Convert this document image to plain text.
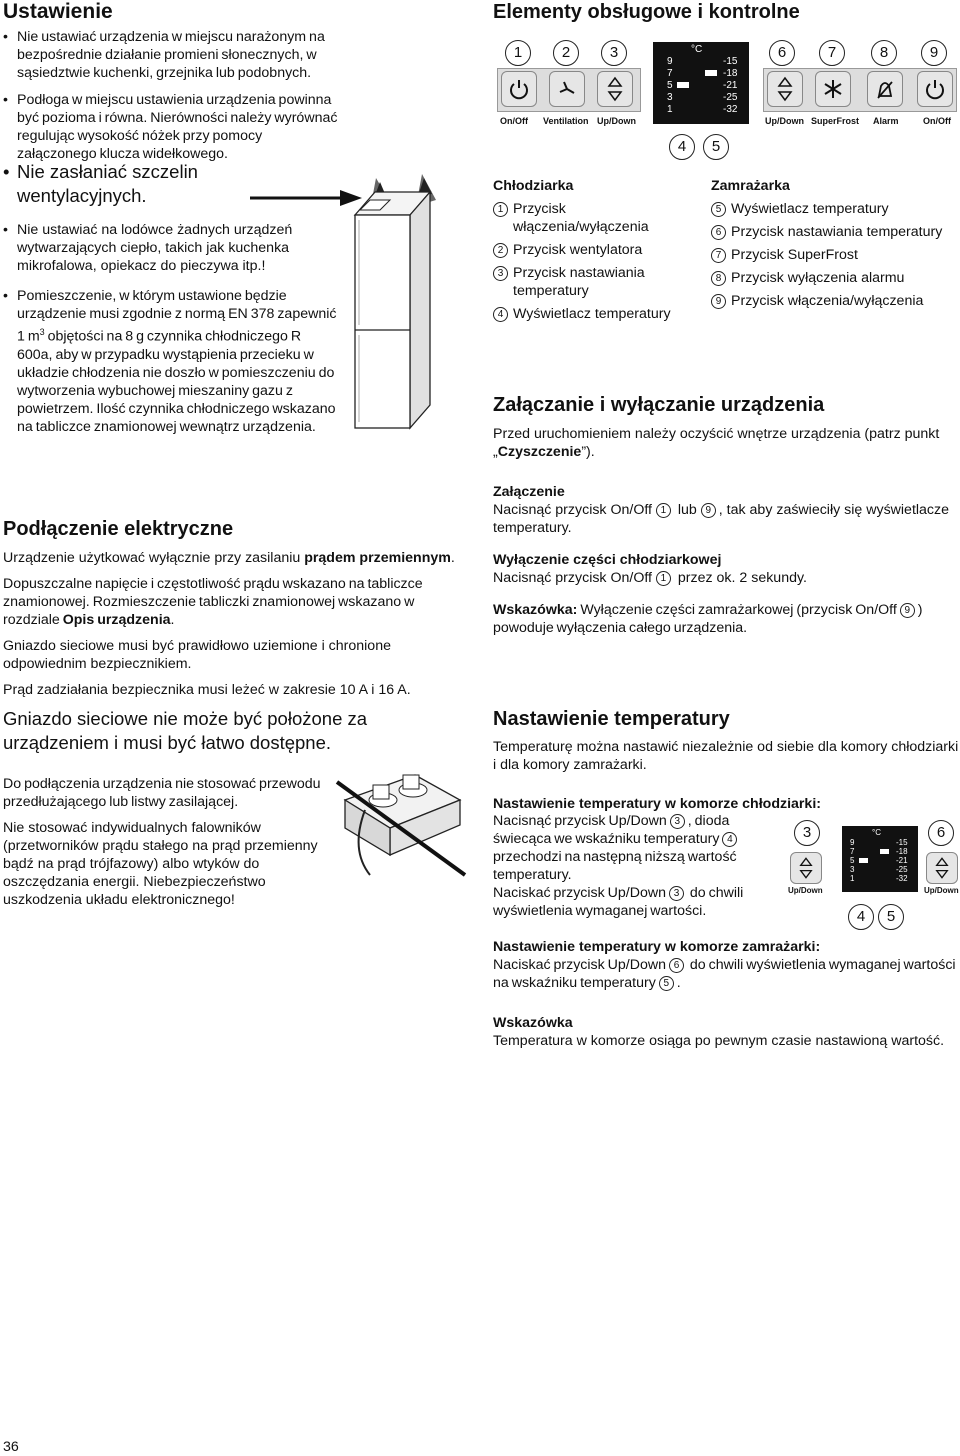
Ustawienie
• Nie ustawiać urządzenia w miejscu narażonym na bezpośrednie działanie promieni słonecznych, w sąsiedztwie kuchenki, grzejnika lub podobnych.
• Podłoga w miejscu ustawienia urządzenia powinna być pozioma i równa. Nierówności należy wyrównać regulując wysokość nóżek przy pomocy załączonego klucza widełkowego.
• Nie zasłaniać szczelin wentylacyjnych.
• Nie ustawiać na lodówce żadnych urządzeń wytwarzających ciepło, takich jak kuchenka mikrofalowa, opiekacz do pieczywa itp.!
• Pomieszczenie, w którym ustawione będzie urządzenie musi zgodnie z normą EN 378 zapewnić 1 $m^3$ objętości na 8 g czynnika chłodniczego R 600a, aby w przypadku wystąpienia przecieku w układzie chłodzenia nie doszło w pomieszczeniu do wytworzenia wybuchowej mieszaniny gazu z powietrzem. Ilość czynnika chłodniczego wskazano na tabliczce znamionowej wewnątrz urządzenia.
Podłączenie elektryczne

Urządzenie użytkować wyłącznie przy zasilaniu prądem przemiennym.

Dopuszczalne napięcie i częstotliwość prądu wskazano na tabliczce znamionowej. Rozmieszczenie tabliczki znamionowej wskazano w rozdziale Opis urządzenia.

Gniazdo sieciowe musi być prawidłowo uziemione i chronione odpowiednim bezpiecznikiem.

Prąd zadziałania bezpiecznika musi leżeć w zakresie 10 A i 16 A.

Gniazdo sieciowe nie może być położone za urządzeniem i musi być łatwo dostępne.

Do podłączenia urządzenia nie stosować przewodu przedłużającego lub listwy zasilającej.

Nie stosować indywidualnych falowników (przetworników prądu stałego na prąd przemienny bądź na prąd trójfazowy) albo wtyków do oszczędzania energii. Niebezpieczeństwo uszkodzenia układu elektronicznego!

36
Elementy obsługowe i kontrolne
1	2	3	6	7	8	9
°C
9
7
5
3
1
-15
-18
-21
-25
-32
On/Off Ventilation Up/Down	Up/Down SuperFrost Alarm	On/Off
4	5
Chłodziarka
1 Przycisk włączenia/wyłączenia
2 Przycisk wentylatora
3 Przycisk nastawiania temperatury
4 Wyświetlacz temperatury
Zamrażarka
5 Wyświetlacz temperatury
6 Przycisk nastawiania temperatury
7 Przycisk SuperFrost
8 Przycisk wyłączenia alarmu
9 Przycisk włączenia/wyłączenia
Załączanie i wyłączanie urządzenia

Przed uruchomieniem należy oczyścić wnętrze urządzenia (patrz punkt „Czyszczenie”).

Załączenie

Nacisnąć przycisk On/Off 1 lub 9 , tak aby zaświeciły się wyświetlacze temperatury.

Wyłączenie części chłodziarkowej

Nacisnąć przycisk On/Off 1 przez ok. 2 sekundy.

Wskazówka: Wyłączenie części zamrażarkowej (przycisk On/Off 9 ) powoduje wyłączenia całego urządzenia.

Nastawienie temperatury

Temperaturę można nastawić niezależnie od siebie dla komory chłodziarki i dla komory zamrażarki.

Nastawienie temperatury w komorze chłodziarki:

Nacisnąć przycisk Up/Down 3 , dioda świecąca we wskaźniku temperatury 4 przechodzi na następną niższą wartość temperatury.

Naciskać przycisk Up/Down 3 do chwili wyświetlenia wymaganej wartości.

3	6
°C
9
7
5
3
1
-15
-18
-21
-25
-32
Up/Down	Up/Down
4	5
Nastawienie temperatury w komorze zamrażarki:

Naciskać przycisk Up/Down 6 do chwili wyświetlenia wymaganej wartości na wskaźniku temperatury 5 .

Wskazówka

Temperatura w komorze osiąga po pewnym czasie nastawioną wartość.
